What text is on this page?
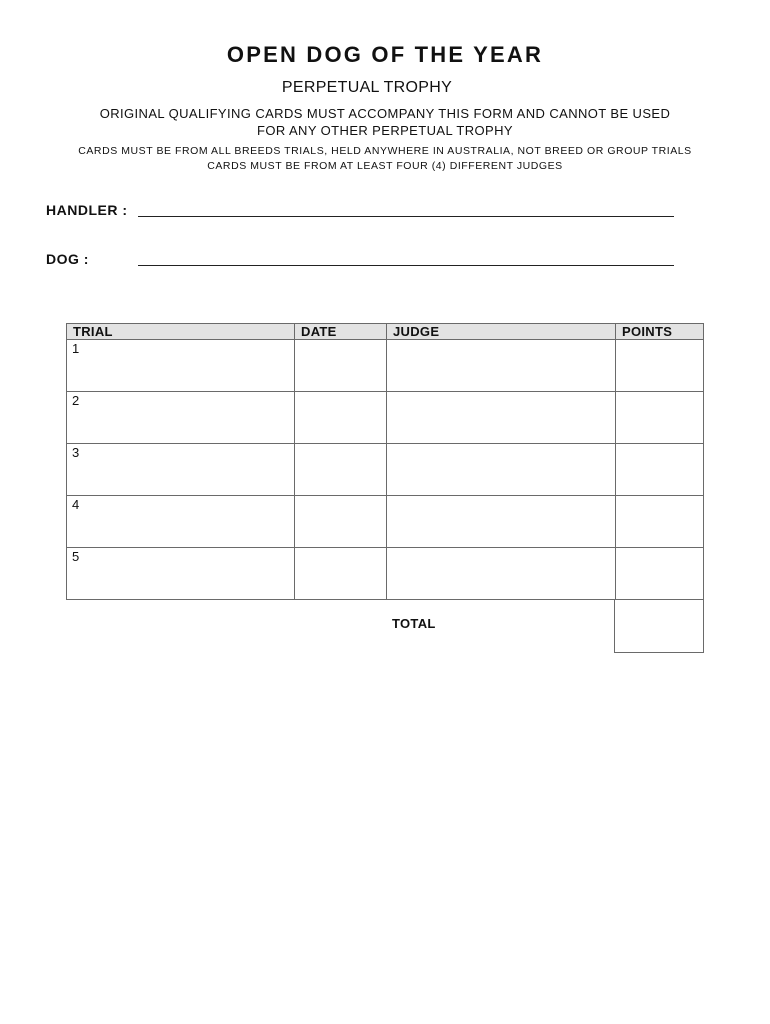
OPEN DOG OF THE YEAR
PERPETUAL TROPHY
ORIGINAL QUALIFYING CARDS MUST ACCOMPANY THIS FORM AND CANNOT BE USED
FOR ANY OTHER PERPETUAL TROPHY
CARDS MUST BE FROM ALL BREEDS TRIALS, HELD ANYWHERE IN AUSTRALIA, NOT BREED OR GROUP TRIALS
CARDS MUST BE FROM AT LEAST FOUR (4) DIFFERENT JUDGES
HANDLER :
DOG :
TRIAL	DATE	JUDGE	POINTS
1
2
3
4
5
TOTAL
